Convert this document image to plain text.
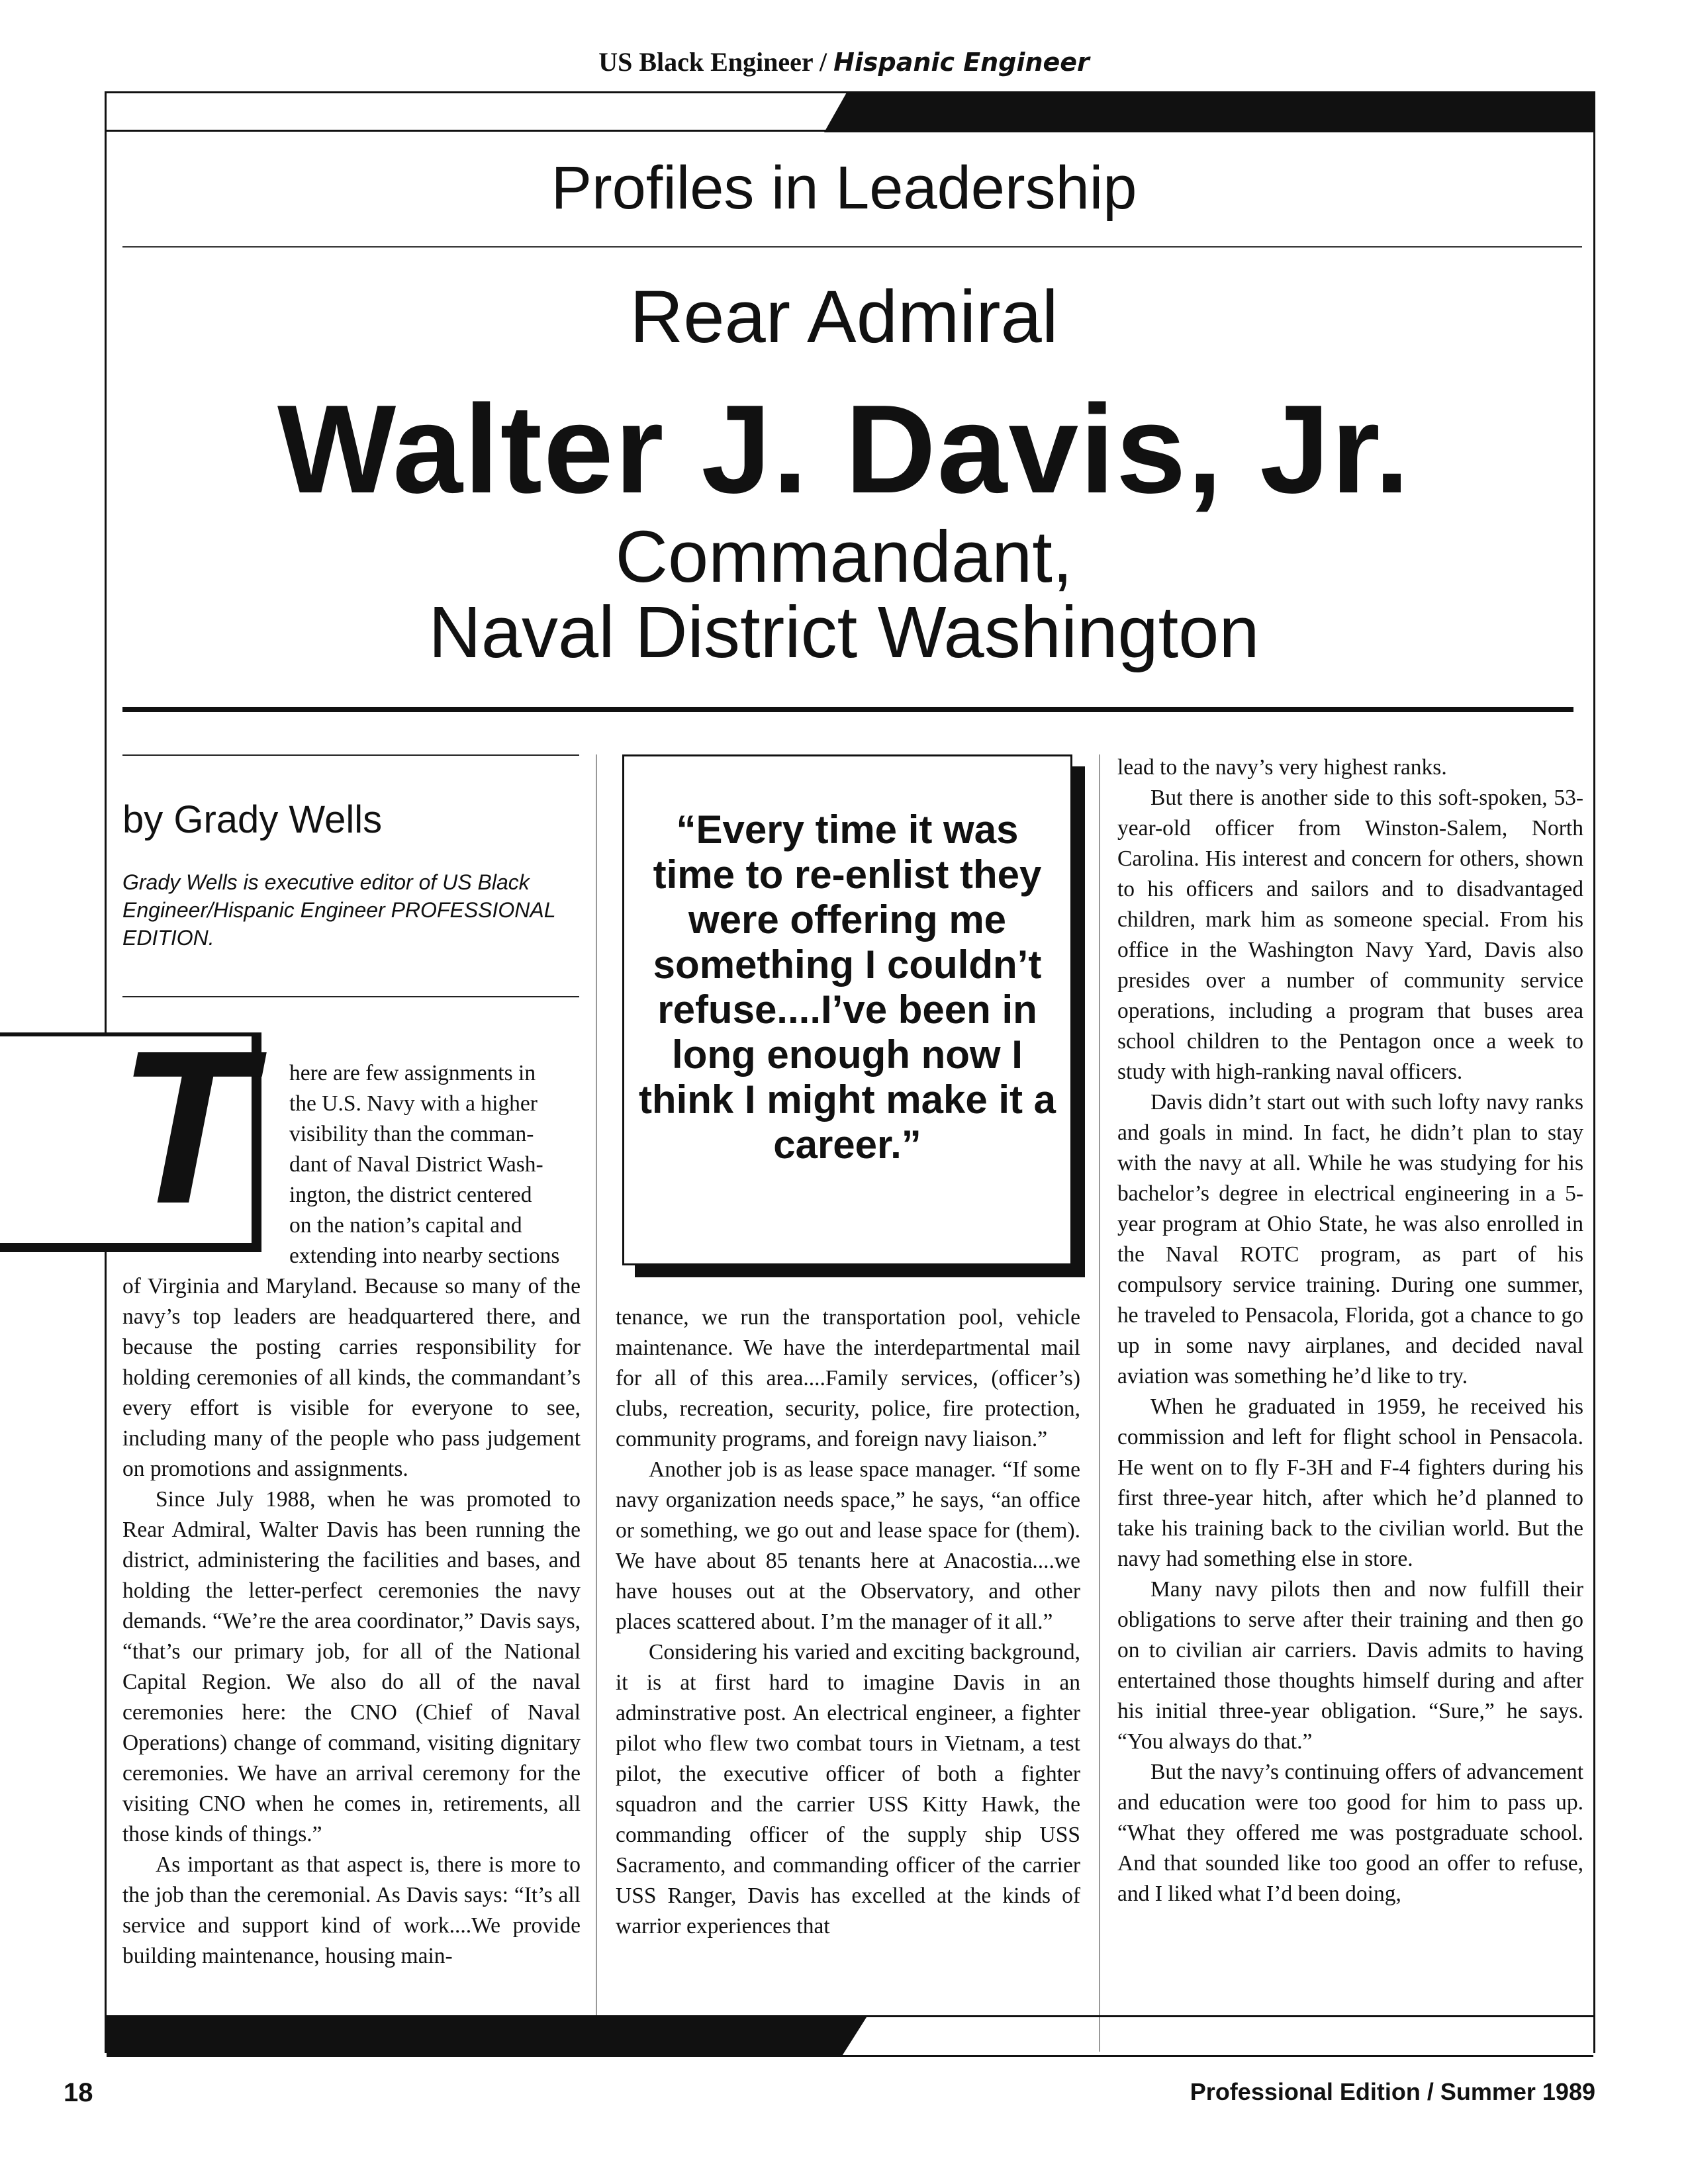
US Black Engineer / Hispanic Engineer
Profiles in Leadership
Rear Admiral
Walter J. Davis, Jr.
Commandant,
Naval District Washington
by Grady Wells
Grady Wells is executive editor of US Black Engineer/Hispanic Engineer PROFESSIONAL EDITION.
T here are few assignments in
the U.S. Navy with a higher
visibility than the comman-
dant of Naval District Wash-
ington, the district centered
on the nation’s capital and
extending into nearby sections
of Virginia and Maryland. Because so many of the navy’s top leaders are headquartered there, and because the posting carries responsibility for holding ceremonies of all kinds, the commandant’s every effort is visible for everyone to see, including many of the people who pass judgement on promotions and assignments.
Since July 1988, when he was promoted to Rear Admiral, Walter Davis has been running the district, administering the facilities and bases, and holding the letter-perfect ceremonies the navy demands. “We’re the area coordinator,” Davis says, “that’s our primary job, for all of the National Capital Region. We also do all of the naval ceremonies here: the CNO (Chief of Naval Operations) change of command, visiting dignitary ceremonies. We have an arrival ceremony for the visiting CNO when he comes in, retirements, all those kinds of things.”
As important as that aspect is, there is more to the job than the ceremonial. As Davis says: “It’s all service and support kind of work....We provide building maintenance, housing main-
“Every time it was time to re-enlist they were offering me something I couldn’t refuse....I’ve been in long enough now I think I might make it a career.”
tenance, we run the transportation pool, vehicle maintenance. We have the interdepartmental mail for all of this area....Family services, (officer’s) clubs, recreation, security, police, fire protection, community programs, and foreign navy liaison.”
Another job is as lease space manager. “If some navy organization needs space,” he says, “an office or something, we go out and lease space for (them). We have about 85 tenants here at Anacostia....we have houses out at the Observatory, and other places scattered about. I’m the manager of it all.”
Considering his varied and exciting background, it is at first hard to imagine Davis in an adminstrative post. An electrical engineer, a fighter pilot who flew two combat tours in Vietnam, a test pilot, the executive officer of both a fighter squadron and the carrier USS Kitty Hawk, the commanding officer of the supply ship USS Sacramento, and commanding officer of the carrier USS Ranger, Davis has excelled at the kinds of warrior experiences that
lead to the navy’s very highest ranks.
But there is another side to this soft-spoken, 53-year-old officer from Winston-Salem, North Carolina. His interest and concern for others, shown to his officers and sailors and to disadvantaged children, mark him as someone special. From his office in the Washington Navy Yard, Davis also presides over a number of community service operations, including a program that buses area school children to the Pentagon once a week to study with high-ranking naval officers.
Davis didn’t start out with such lofty navy ranks and goals in mind. In fact, he didn’t plan to stay with the navy at all. While he was studying for his bachelor’s degree in electrical engineering in a 5-year program at Ohio State, he was also enrolled in the Naval ROTC program, as part of his compulsory service training. During one summer, he traveled to Pensacola, Florida, got a chance to go up in some navy airplanes, and decided naval aviation was something he’d like to try.
When he graduated in 1959, he received his commission and left for flight school in Pensacola. He went on to fly F-3H and F-4 fighters during his first three-year hitch, after which he’d planned to take his training back to the civilian world. But the navy had something else in store.
Many navy pilots then and now fulfill their obligations to serve after their training and then go on to civilian air carriers. Davis admits to having entertained those thoughts himself during and after his initial three-year obligation. “Sure,” he says. “You always do that.”
But the navy’s continuing offers of advancement and education were too good for him to pass up. “What they offered me was postgraduate school. And that sounded like too good an offer to refuse, and I liked what I’d been doing,
18	Professional Edition / Summer 1989
